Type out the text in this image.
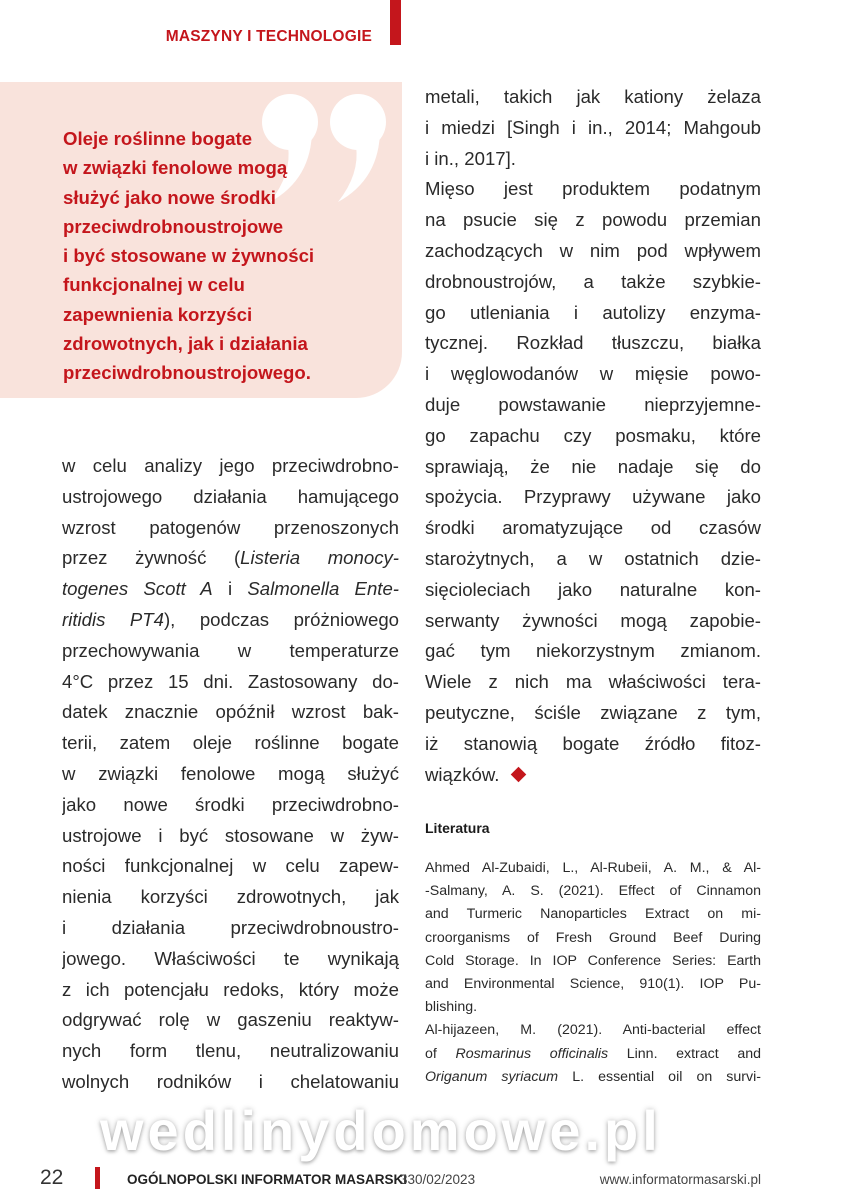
MASZYNY I TECHNOLOGIE
Oleje roślinne bogate
w związki fenolowe mogą
służyć jako nowe środki
przeciwdrobnoustrojowe
i być stosowane w żywności
funkcjonalnej w celu
zapewnienia korzyści
zdrowotnych, jak i działania
przeciwdrobnoustrojowego.
w celu analizy jego przeciwdrobno-
ustrojowego działania hamującego
wzrost patogenów przenoszonych
przez żywność (Listeria monocy-
togenes Scott A i Salmonella Ente-
ritidis PT4), podczas próżniowego
przechowywania w temperaturze
4°C przez 15 dni. Zastosowany do-
datek znacznie opóźnił wzrost bak-
terii, zatem oleje roślinne bogate
w związki fenolowe mogą służyć
jako nowe środki przeciwdrobno-
ustrojowe i być stosowane w żyw-
ności funkcjonalnej w celu zapew-
nienia korzyści zdrowotnych, jak
i działania przeciwdrobnoustro-
jowego. Właściwości te wynikają
z ich potencjału redoks, który może
odgrywać rolę w gaszeniu reaktyw-
nych form tlenu, neutralizowaniu
wolnych rodników i chelatowaniu
metali, takich jak kationy żelaza
i miedzi [Singh i in., 2014; Mahgoub
i in., 2017].
Mięso jest produktem podatnym
na psucie się z powodu przemian
zachodzących w nim pod wpływem
drobnoustrojów, a także szybkie-
go utleniania i autolizy enzyma-
tycznej. Rozkład tłuszczu, białka
i węglowodanów w mięsie powo-
duje powstawanie nieprzyjemne-
go zapachu czy posmaku, które
sprawiają, że nie nadaje się do
spożycia. Przyprawy używane jako
środki aromatyzujące od czasów
starożytnych, a w ostatnich dzie-
sięcioleciach jako naturalne kon-
serwanty żywności mogą zapobie-
gać tym niekorzystnym zmianom.
Wiele z nich ma właściwości tera-
peutyczne, ściśle związane z tym,
iż stanowią bogate źródło fitoz-
wiązków.
Literatura
Ahmed Al-Zubaidi, L., Al-Rubeii, A. M., & Al-
-Salmany, A. S. (2021). Effect of Cinnamon
and Turmeric Nanoparticles Extract on mi-
croorganisms of Fresh Ground Beef During
Cold Storage. In IOP Conference Series: Earth
and Environmental Science, 910(1). IOP Pu-
blishing.
Al-hijazeen, M. (2021). Anti-bacterial effect
of Rosmarinus officinalis Linn. extract and
Origanum syriacum L. essential oil on survi-
wedlinydomowe.pl
22	OGÓLNOPOLSKI INFORMATOR MASARSKI
330/02/2023	www.informatormasarski.pl
